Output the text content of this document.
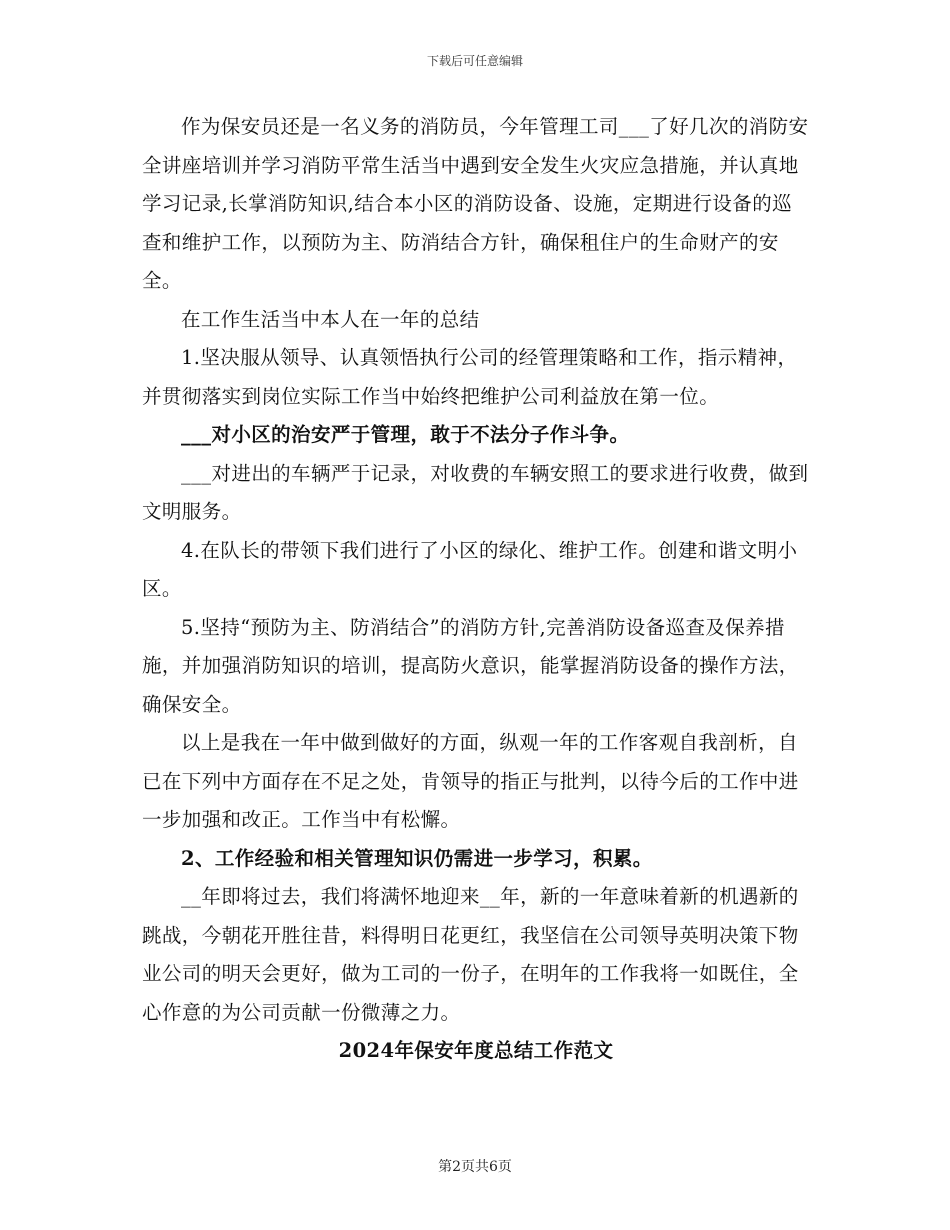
下载后可任意编辑

作为保安员还是一名义务的消防员，今年管理工司___了好几次的消防安全讲座培训并学习消防平常生活当中遇到安全发生火灾应急措施，并认真地学习记录,长掌消防知识,结合本小区的消防设备、设施，定期进行设备的巡查和维护工作，以预防为主、防消结合方针，确保租住户的生命财产的安全。

在工作生活当中本人在一年的总结

1.坚决服从领导、认真领悟执行公司的经管理策略和工作，指示精神，并贯彻落实到岗位实际工作当中始终把维护公司利益放在第一位。

___对小区的治安严于管理，敢于不法分子作斗争。

___对进出的车辆严于记录，对收费的车辆安照工的要求进行收费，做到文明服务。

4.在队长的带领下我们进行了小区的绿化、维护工作。创建和谐文明小区。

5.坚持“预防为主、防消结合”的消防方针,完善消防设备巡查及保养措施，并加强消防知识的培训，提高防火意识，能掌握消防设备的操作方法，确保安全。

以上是我在一年中做到做好的方面，纵观一年的工作客观自我剖析，自已在下列中方面存在不足之处，肯领导的指正与批判，以待今后的工作中进一步加强和改正。工作当中有松懈。

2、工作经验和相关管理知识仍需进一步学习，积累。

__年即将过去，我们将满怀地迎来__年，新的一年意味着新的机遇新的跳战，今朝花开胜往昔，料得明日花更红，我坚信在公司领导英明决策下物业公司的明天会更好，做为工司的一份子，在明年的工作我将一如既住，全心作意的为公司贡献一份微薄之力。

2024年保安年度总结工作范文

第2页共6页
